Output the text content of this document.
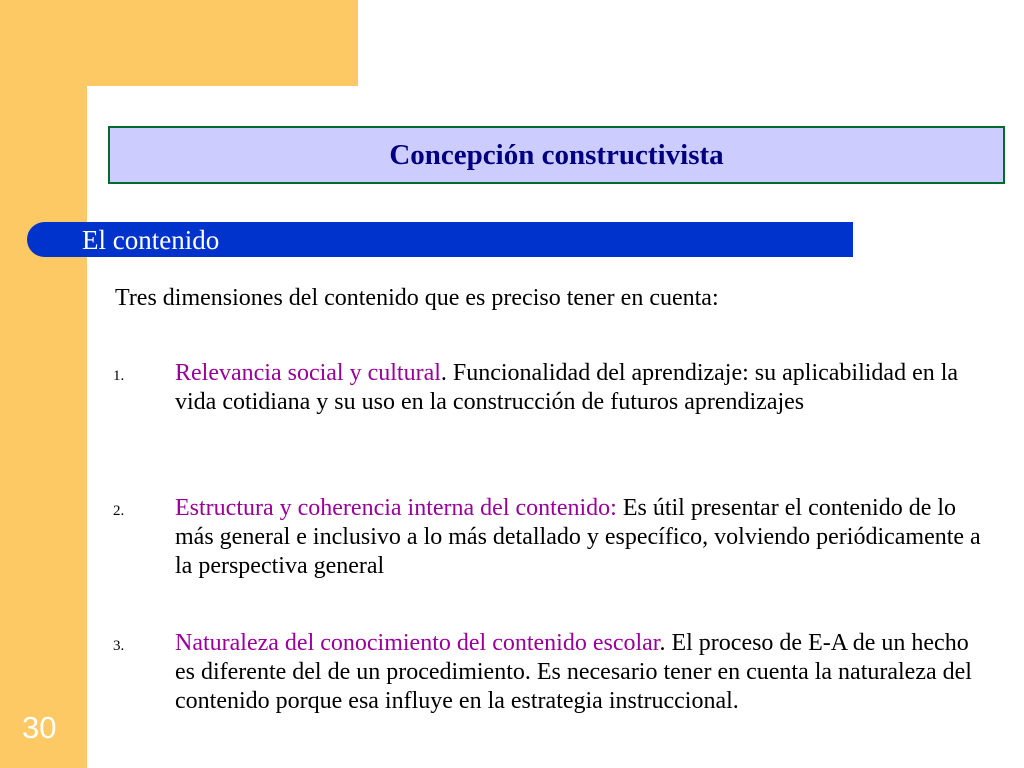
Concepción constructivista
El contenido
Tres dimensiones del contenido que es preciso tener en cuenta:
1. Relevancia social y cultural. Funcionalidad del aprendizaje: su aplicabilidad en la vida cotidiana y su uso en la construcción de futuros aprendizajes
2. Estructura y coherencia interna del contenido: Es útil presentar el contenido de lo más general e inclusivo a lo más detallado y específico, volviendo periódicamente a la perspectiva general
3. Naturaleza del conocimiento del contenido escolar. El proceso de E-A de un hecho es diferente del de un procedimiento. Es necesario tener en cuenta la naturaleza del contenido porque esa influye en la estrategia instruccional.
30
